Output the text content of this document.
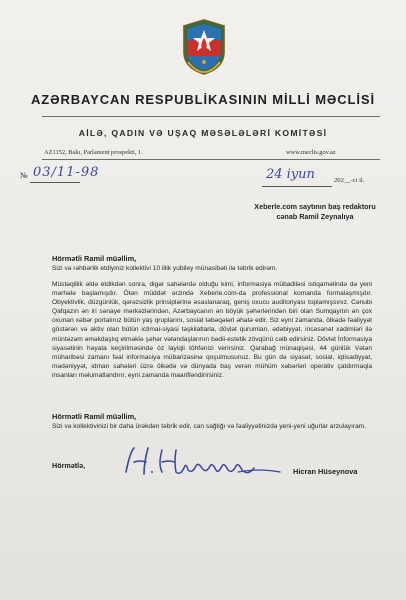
AZƏRBAYCAN RESPUBLİKASININ MİLLİ MƏCLİSİ
AİLƏ, QADIN VƏ UŞAQ MƏSƏLƏLƏRİ KOMİTƏSİ
AZ1152, Bakı, Parlament prospekti, 1.	www.meclis.gov.az
№ 03/11-98	24 iyun	202__-ci il.
Xeberle.com saytının baş redaktoru
cənab Ramil Zeynalıya
Hörmətli Ramil müəllim,
Sizi və rəhbərlik etdiyiniz kollektivi 10 illik yubiley münasibəti ilə təbrik edirəm.
Müstəqillik əldə etdikdən sonra, digər sahələrdə olduğu kimi, informasiya mübadiləsi istiqamətində də yeni mərhələ başlamışdır. Ötən müddət ərzində Xeberle.com-da professional komanda formalaşmışdır. Obyektivlik, düzgünlük, qərəzsizlik prinsiplərinə əsaslanaraq, geniş oxucu auditoriyası toplamışsınız. Cənubi Qafqazın ən iri sənaye mərkəzlərindən, Azərbaycanın ən böyük şəhərlərindən biri olan Sumqayıtın ən çox oxunan xəbər portalınız bütün yaş qruplarını, sosial təbəqələri əhatə edir. Siz eyni zamanda, ölkədə fəaliyyət göstərən və aktiv olan bütün ictimai-siyasi təşkilatlarla, dövlət qurumları, ədəbiyyat, incəsənət xadimləri ilə müntəzəm əməkdaşlıq etməklə şəhər vətəndaşlarının bədii-estetik zövqünü cəlb edirsiniz. Dövlət İnformasiya siyasətinin həyata keçirilməsində öz layiqli töhfənizi verirsiniz. Qarabağ münaqişəsi, 44 günlük Vətən müharibəsi zamanı fəal informasiya mübarizəsinə qoşulmusunuz. Bu gün də siyasət, sosial, iqtisadiyyat, mədəniyyət, idman sahələri üzrə ölkədə və dünyada baş verən mühüm xəbərləri operativ çatdırmaqla insanları məlumatlandırır, eyni zamanda maarifləndirirsiniz.
Hörmətli Ramil müəllim,
Sizi və kollektivinizi bir daha ürəkdən təbrik edir, can sağlığı və fəaliyyətinizdə yeni-yeni uğurlar arzulayıram.
Hörmətlə,
Hicran Hüseynova
